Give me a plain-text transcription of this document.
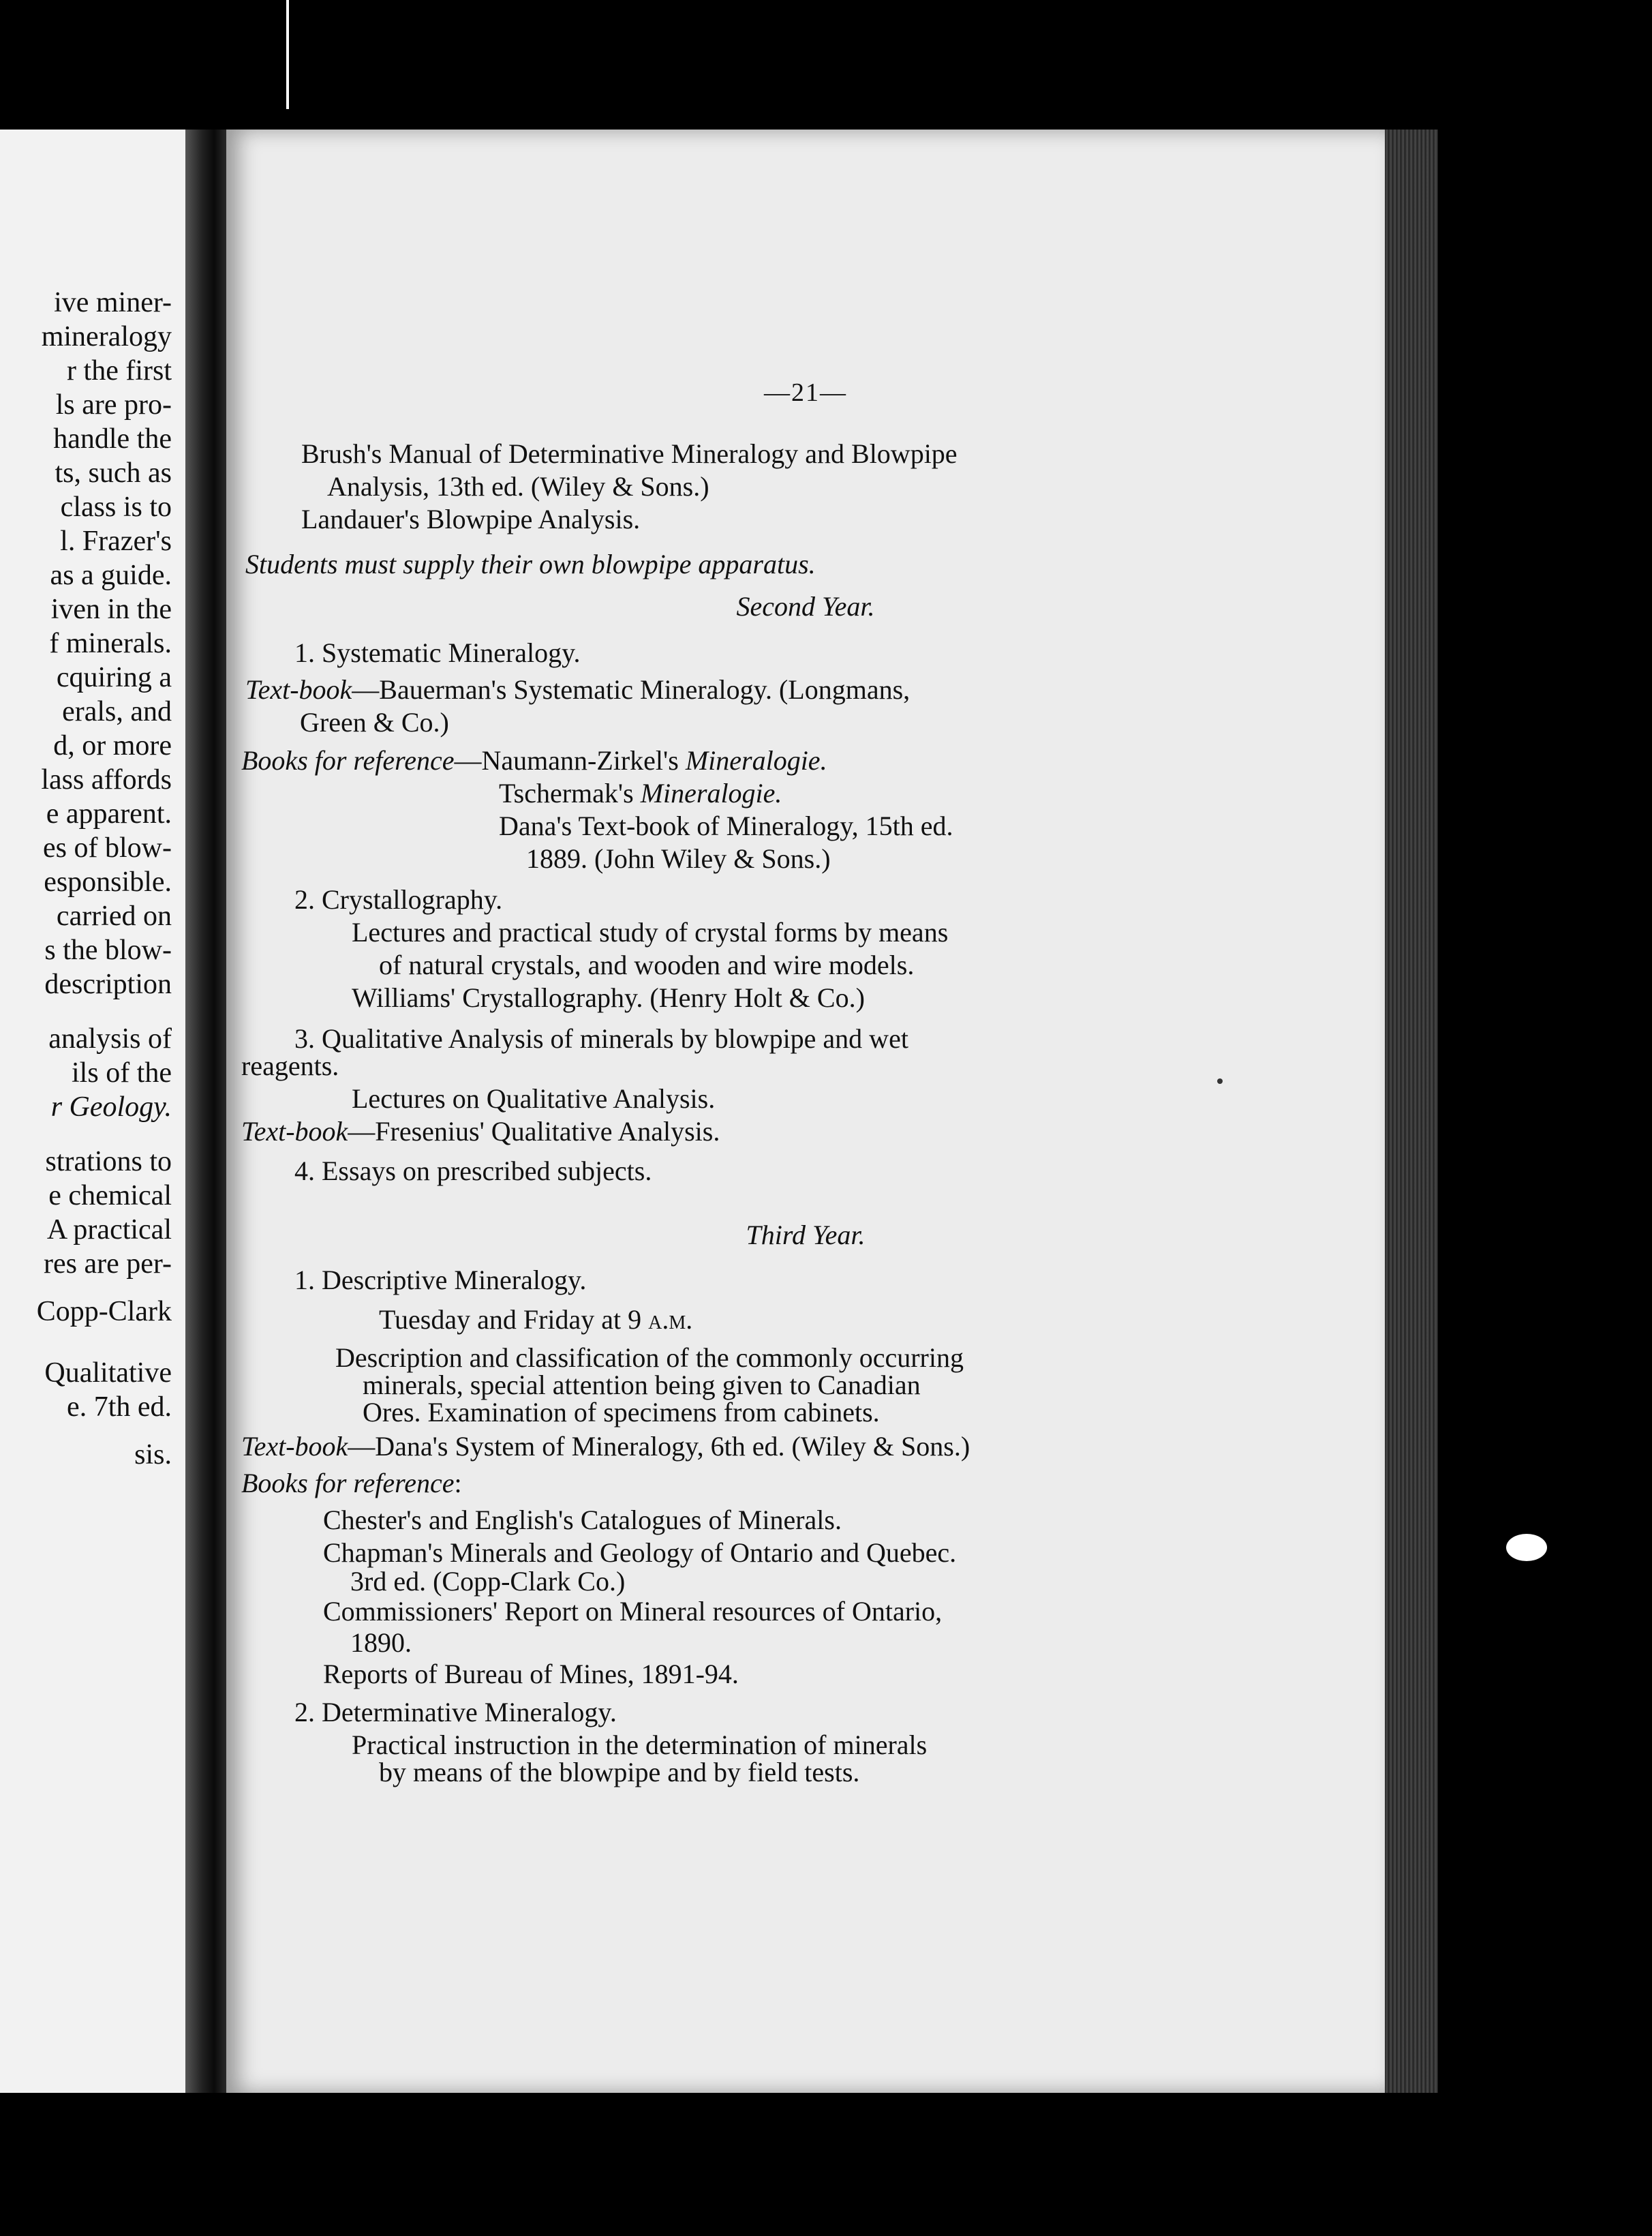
ive miner-
mineralogy
r the first
ls are pro-
handle the
ts, such as
class is to
l. Frazer's
as a guide.
iven in the
f minerals.
cquiring a
erals, and
d, or more
lass affords
e apparent.
es of blow-
esponsible.
carried on
s the blow-
description
analysis of
ils of the
r Geology.
strations to
e chemical
A practical
res are per-
Copp-Clark
Qualitative
e. 7th ed.
sis.
—21—
Brush's Manual of Determinative Mineralogy and Blowpipe
Analysis, 13th ed. (Wiley & Sons.)
Landauer's Blowpipe Analysis.
Students must supply their own blowpipe apparatus.
Second Year.
1. Systematic Mineralogy.
Text-book—Bauerman's Systematic Mineralogy. (Longmans,
Green & Co.)
Books for reference—Naumann-Zirkel's Mineralogie.
Tschermak's Mineralogie.
Dana's Text-book of Mineralogy, 15th ed.
1889. (John Wiley & Sons.)
2. Crystallography.
Lectures and practical study of crystal forms by means
of natural crystals, and wooden and wire models.
Williams' Crystallography. (Henry Holt & Co.)
3. Qualitative Analysis of minerals by blowpipe and wet
reagents.
Lectures on Qualitative Analysis.
Text-book—Fresenius' Qualitative Analysis.
4. Essays on prescribed subjects.
Third Year.
1. Descriptive Mineralogy.
Tuesday and Friday at 9 a.m.
Description and classification of the commonly occurring
minerals, special attention being given to Canadian
Ores. Examination of specimens from cabinets.
Text-book—Dana's System of Mineralogy, 6th ed. (Wiley & Sons.)
Books for reference:
Chester's and English's Catalogues of Minerals.
Chapman's Minerals and Geology of Ontario and Quebec.
3rd ed. (Copp-Clark Co.)
Commissioners' Report on Mineral resources of Ontario,
1890.
Reports of Bureau of Mines, 1891-94.
2. Determinative Mineralogy.
Practical instruction in the determination of minerals
by means of the blowpipe and by field tests.
